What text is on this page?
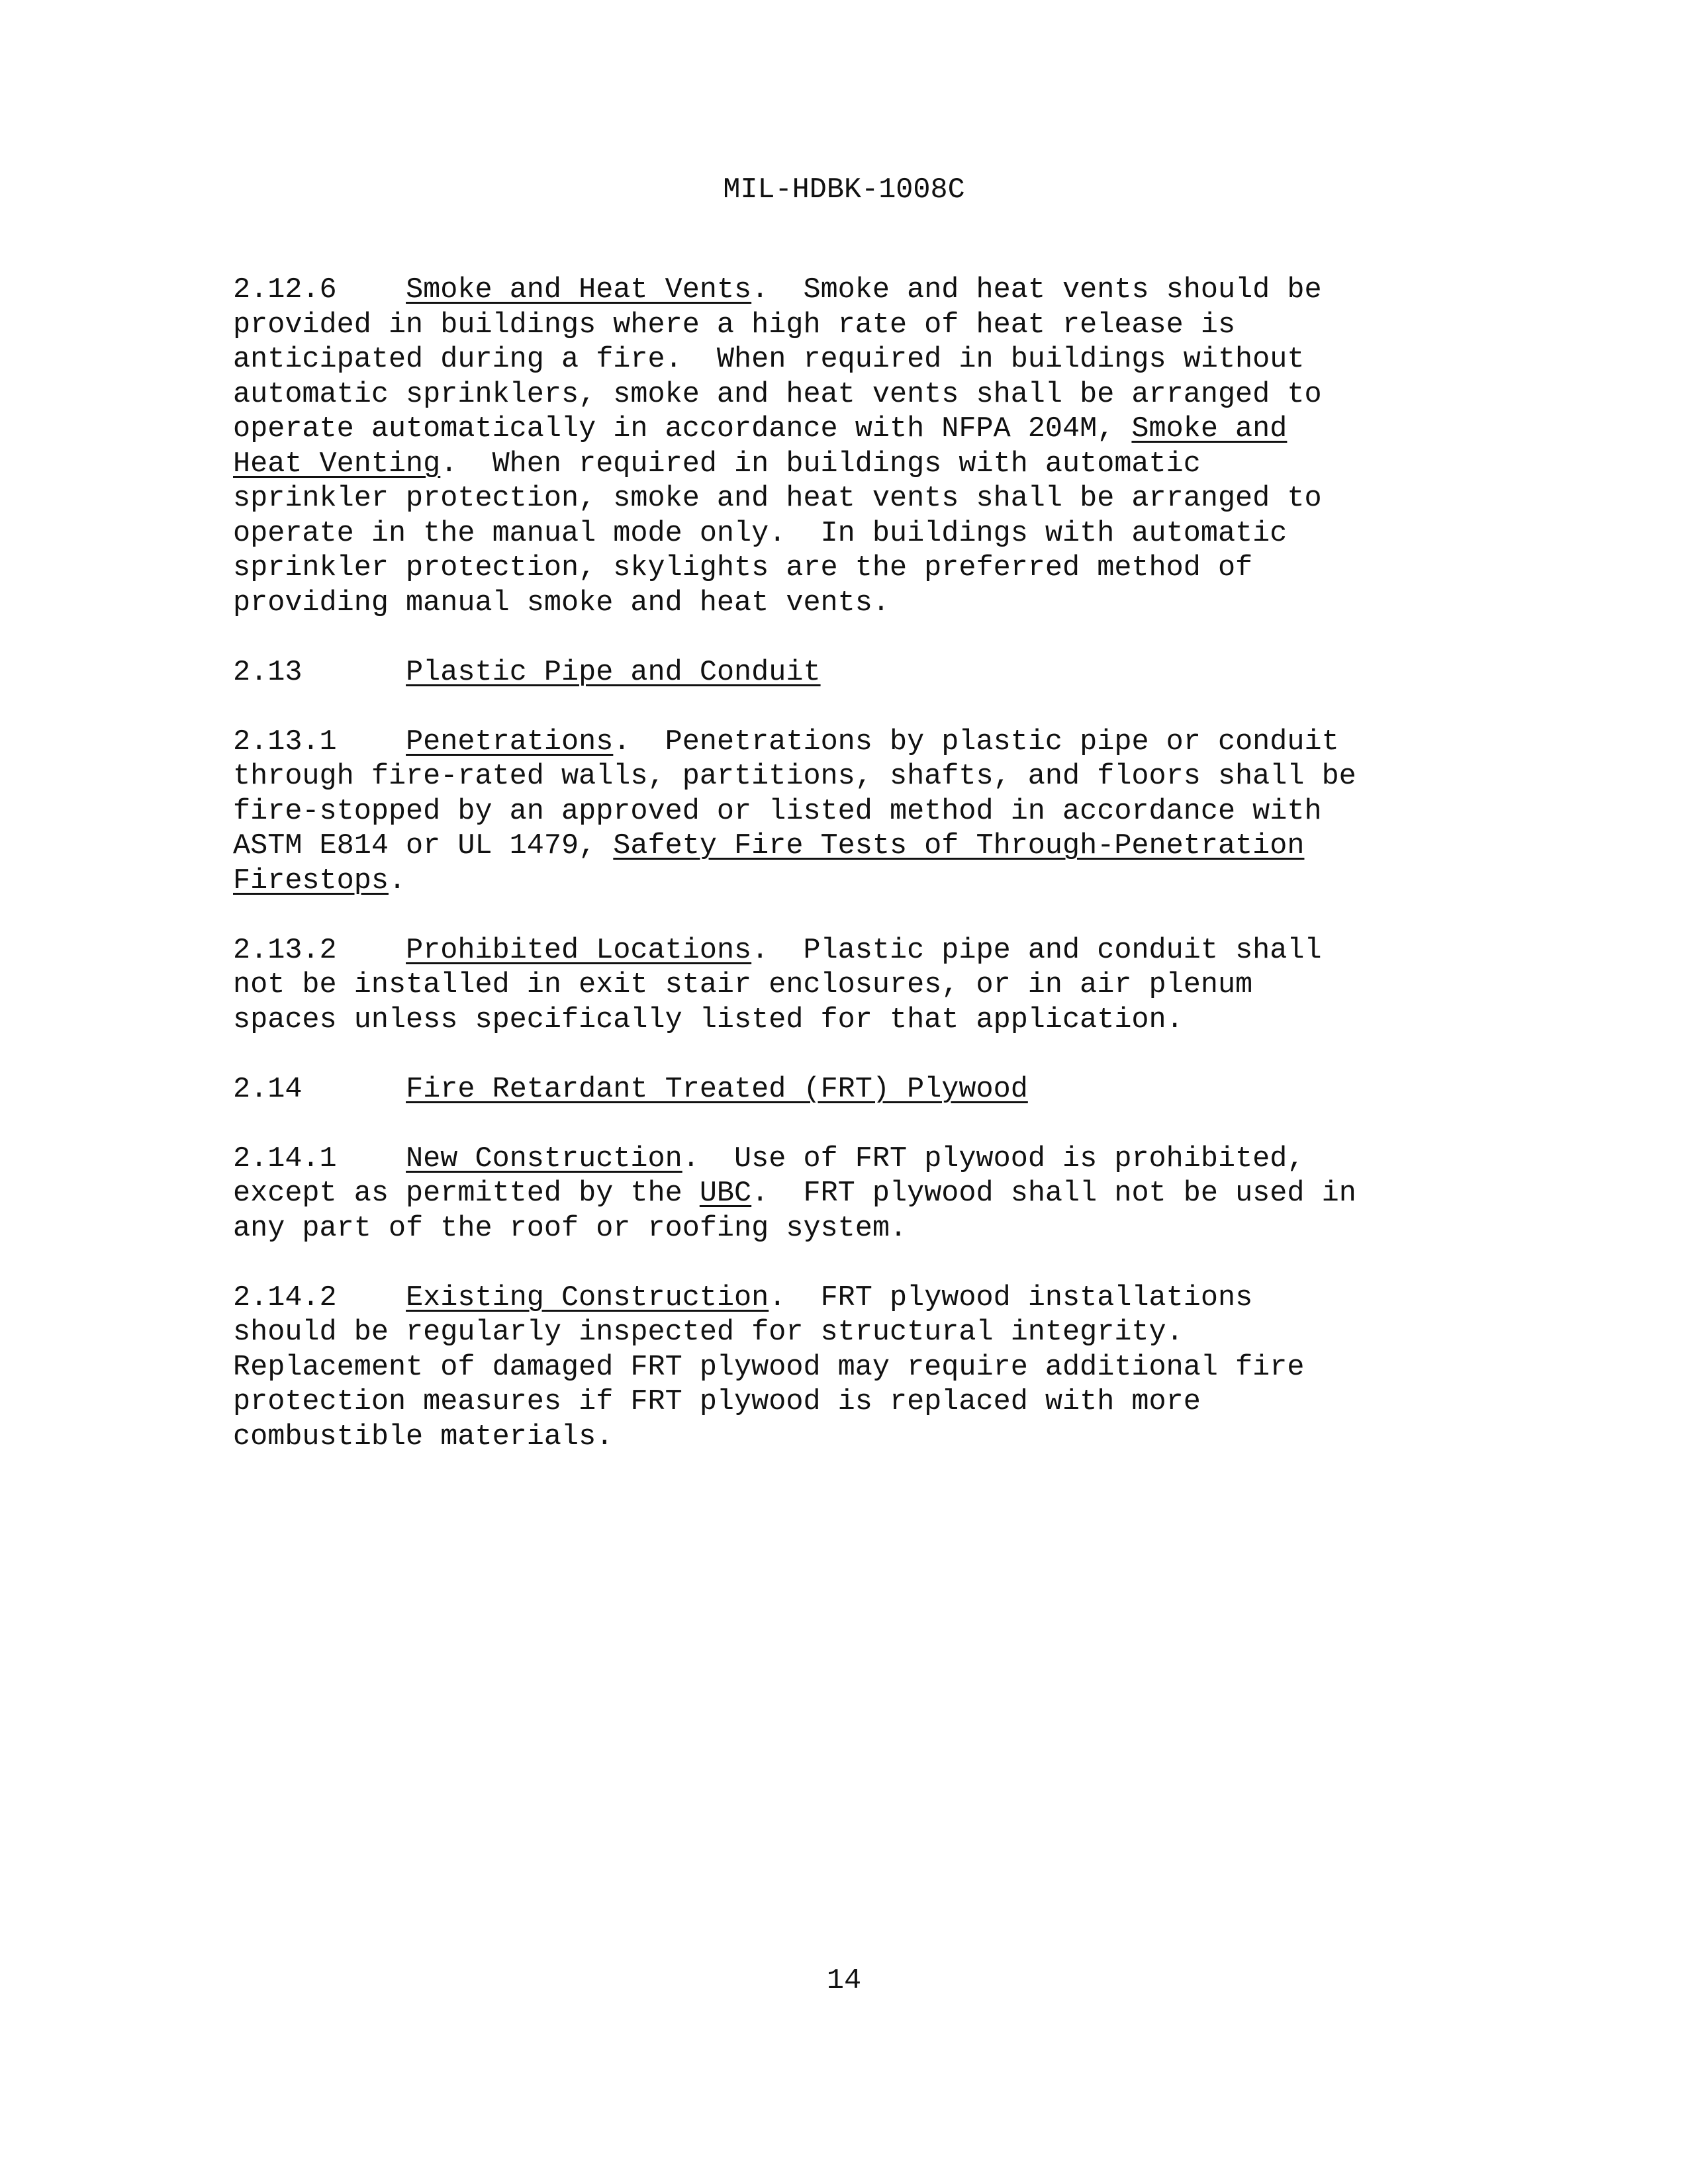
MIL-HDBK-1008C
2.12.6 Smoke and Heat Vents.  Smoke and heat vents should be
provided in buildings where a high rate of heat release is
anticipated during a fire.  When required in buildings without
automatic sprinklers, smoke and heat vents shall be arranged to
operate automatically in accordance with NFPA 204M, Smoke and
Heat Venting.  When required in buildings with automatic
sprinkler protection, smoke and heat vents shall be arranged to
operate in the manual mode only.  In buildings with automatic
sprinkler protection, skylights are the preferred method of
providing manual smoke and heat vents.
2.13	Plastic Pipe and Conduit
2.13.1 Penetrations.  Penetrations by plastic pipe or conduit
through fire-rated walls, partitions, shafts, and floors shall be
fire-stopped by an approved or listed method in accordance with
ASTM E814 or UL 1479, Safety Fire Tests of Through-Penetration
Firestops.
2.13.2 Prohibited Locations.  Plastic pipe and conduit shall
not be installed in exit stair enclosures, or in air plenum
spaces unless specifically listed for that application.
2.14	Fire Retardant Treated (FRT) Plywood
2.14.1 New Construction.  Use of FRT plywood is prohibited,
except as permitted by the UBC.  FRT plywood shall not be used in
any part of the roof or roofing system.
2.14.2 Existing Construction.  FRT plywood installations
should be regularly inspected for structural integrity.
Replacement of damaged FRT plywood may require additional fire
protection measures if FRT plywood is replaced with more
combustible materials.
14
